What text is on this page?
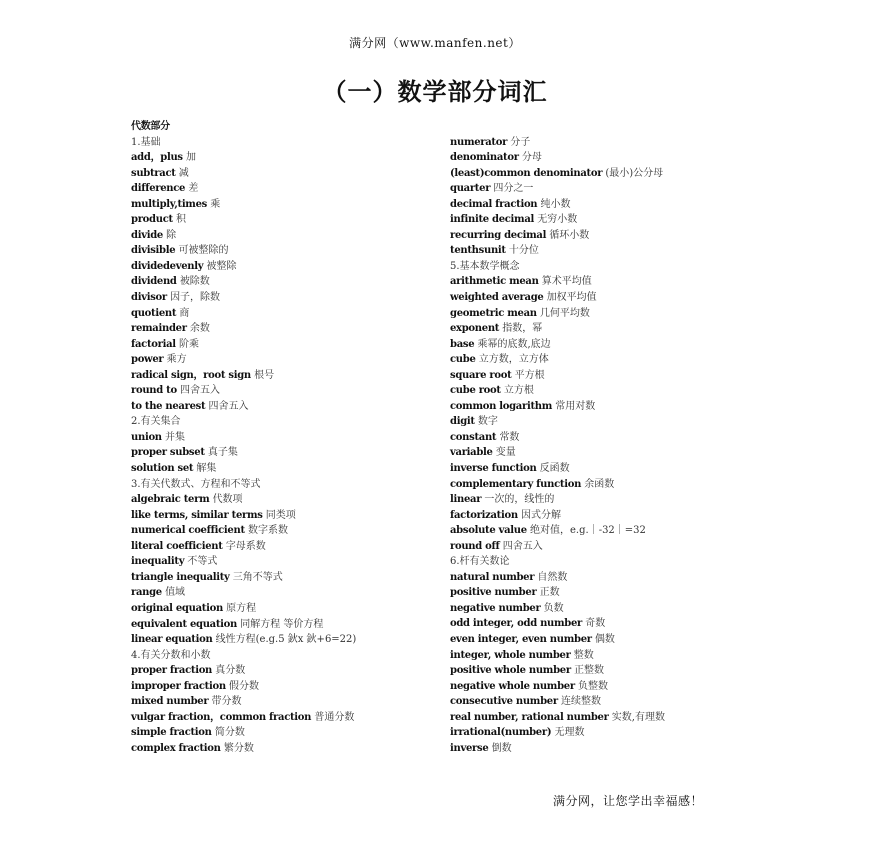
满分网（www.manfen.net）
（一）数学部分词汇
代数部分
1.基础
add，plus 加
subtract 减
difference 差
multiply,times 乘
product 积
divide 除
divisible 可被整除的
dividedevenly 被整除
dividend 被除数
divisor 因子，除数
quotient 商
remainder 余数
factorial 阶乘
power 乘方
radical sign，root sign 根号
round to 四舍五入
to the nearest 四舍五入
2.有关集合
union 并集
proper subset 真子集
solution set 解集
3.有关代数式、方程和不等式
algebraic term 代数项
like terms, similar terms 同类项
numerical coefficient 数字系数
literal coefficient 字母系数
inequality 不等式
triangle inequality 三角不等式
range 值域
original equation 原方程
equivalent equation 同解方程 等价方程
linear equation 线性方程(e.g.5 鈥x 鈥+6=22)
4.有关分数和小数
proper fraction 真分数
improper fraction 假分数
mixed number 带分数
vulgar fraction，common fraction 普通分数
simple fraction 简分数
complex fraction 繁分数
numerator 分子
denominator 分母
(least)common denominator (最小)公分母
quarter 四分之一
decimal fraction 纯小数
infinite decimal 无穷小数
recurring decimal 循环小数
tenthsunit 十分位
5.基本数学概念
arithmetic mean 算术平均值
weighted average 加权平均值
geometric mean 几何平均数
exponent 指数，幂
base 乘幂的底数,底边
cube 立方数，立方体
square root 平方根
cube root 立方根
common logarithm 常用对数
digit 数字
constant 常数
variable 变量
inverse function 反函数
complementary function 余函数
linear 一次的，线性的
factorization 因式分解
absolute value 绝对值，e.g.｜-32｜=32
round off 四舍五入
6.杆有关数论
natural number 自然数
positive number 正数
negative number 负数
odd integer, odd number 奇数
even integer, even number 偶数
integer, whole number 整数
positive whole number 正整数
negative whole number 负整数
consecutive number 连续整数
real number, rational number 实数,有理数
irrational(number) 无理数
inverse 倒数
满分网，让您学出幸福感！
